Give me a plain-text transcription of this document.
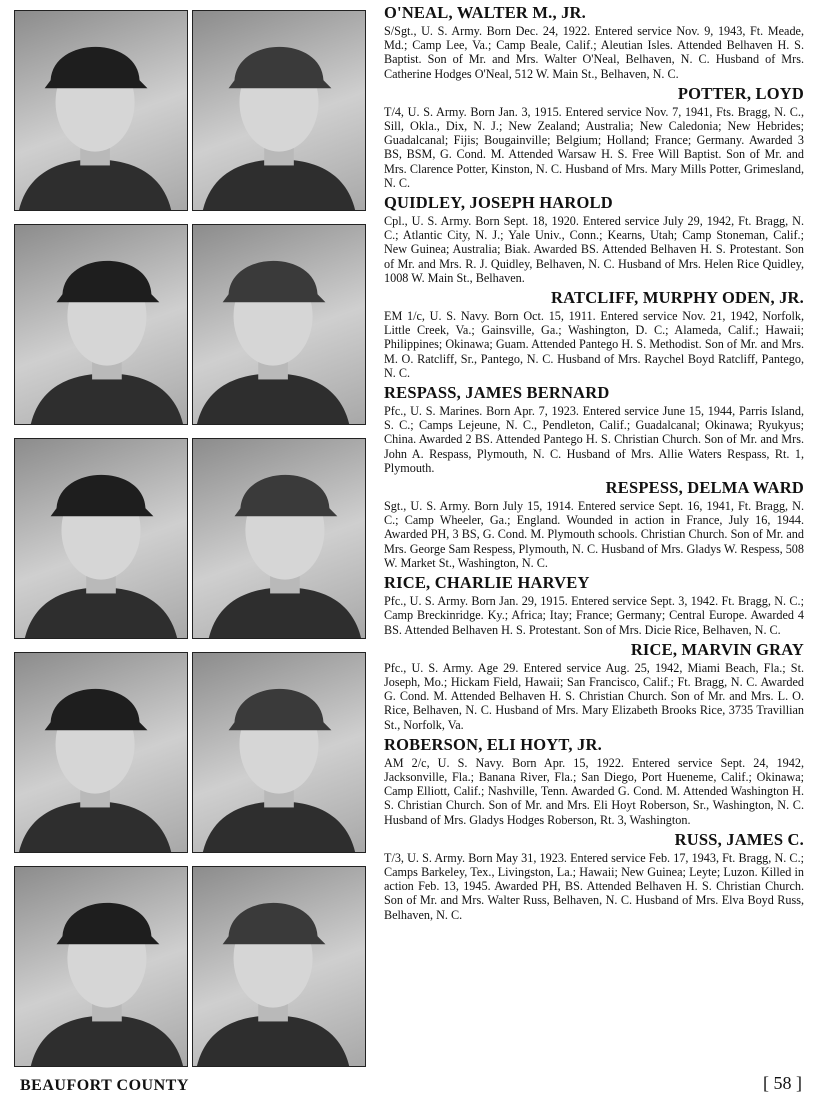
O'NEAL, WALTER M., JR.

S/Sgt., U. S. Army. Born Dec. 24, 1922. Entered service Nov. 9, 1943, Ft. Meade, Md.; Camp Lee, Va.; Camp Beale, Calif.; Aleutian Isles. Attended Belhaven H. S. Baptist. Son of Mr. and Mrs. Walter O'Neal, Belhaven, N. C. Husband of Mrs. Catherine Hodges O'Neal, 512 W. Main St., Belhaven, N. C.

POTTER, LOYD

T/4, U. S. Army. Born Jan. 3, 1915. Entered service Nov. 7, 1941, Fts. Bragg, N. C., Sill, Okla., Dix, N. J.; New Zealand; Australia; New Caledonia; New Hebrides; Guadalcanal; Fijis; Bougainville; Belgium; Holland; France; Germany. Awarded 3 BS, BSM, G. Cond. M. Attended Warsaw H. S. Free Will Baptist. Son of Mr. and Mrs. Clarence Potter, Kinston, N. C. Husband of Mrs. Mary Mills Potter, Grimesland, N. C.

QUIDLEY, JOSEPH HAROLD

Cpl., U. S. Army. Born Sept. 18, 1920. Entered service July 29, 1942, Ft. Bragg, N. C.; Atlantic City, N. J.; Yale Univ., Conn.; Kearns, Utah; Camp Stoneman, Calif.; New Guinea; Australia; Biak. Awarded BS. Attended Belhaven H. S. Protestant. Son of Mr. and Mrs. R. J. Quidley, Belhaven, N. C. Husband of Mrs. Helen Rice Quidley, 1008 W. Main St., Belhaven.

RATCLIFF, MURPHY ODEN, JR.

EM 1/c, U. S. Navy. Born Oct. 15, 1911. Entered service Nov. 21, 1942, Norfolk, Little Creek, Va.; Gainsville, Ga.; Washington, D. C.; Alameda, Calif.; Hawaii; Philippines; Okinawa; Guam. Attended Pantego H. S. Methodist. Son of Mr. and Mrs. M. O. Ratcliff, Sr., Pantego, N. C. Husband of Mrs. Raychel Boyd Ratcliff, Pantego, N. C.

RESPASS, JAMES BERNARD

Pfc., U. S. Marines. Born Apr. 7, 1923. Entered service June 15, 1944, Parris Island, S. C.; Camps Lejeune, N. C., Pendleton, Calif.; Guadalcanal; Okinawa; Ryukyus; China. Awarded 2 BS. Attended Pantego H. S. Christian Church. Son of Mr. and Mrs. John A. Respass, Plymouth, N. C. Husband of Mrs. Allie Waters Respass, Rt. 1, Plymouth.

RESPESS, DELMA WARD

Sgt., U. S. Army. Born July 15, 1914. Entered service Sept. 16, 1941, Ft. Bragg, N. C.; Camp Wheeler, Ga.; England. Wounded in action in France, July 16, 1944. Awarded PH, 3 BS, G. Cond. M. Plymouth schools. Christian Church. Son of Mr. and Mrs. George Sam Respess, Plymouth, N. C. Husband of Mrs. Gladys W. Respess, 508 W. Market St., Washington, N. C.

RICE, CHARLIE HARVEY

Pfc., U. S. Army. Born Jan. 29, 1915. Entered service Sept. 3, 1942. Ft. Bragg, N. C.; Camp Breckinridge. Ky.; Africa; Itay; France; Germany; Central Europe. Awarded 4 BS. Attended Belhaven H. S. Protestant. Son of Mrs. Dicie Rice, Belhaven, N. C.

RICE, MARVIN GRAY

Pfc., U. S. Army. Age 29. Entered service Aug. 25, 1942, Miami Beach, Fla.; St. Joseph, Mo.; Hickam Field, Hawaii; San Francisco, Calif.; Ft. Bragg, N. C. Awarded G. Cond. M. Attended Belhaven H. S. Christian Church. Son of Mr. and Mrs. L. O. Rice, Belhaven, N. C. Husband of Mrs. Mary Elizabeth Brooks Rice, 3735 Travillian St., Norfolk, Va.

ROBERSON, ELI HOYT, JR.

AM 2/c, U. S. Navy. Born Apr. 15, 1922. Entered service Sept. 24, 1942, Jacksonville, Fla.; Banana River, Fla.; San Diego, Port Hueneme, Calif.; Okinawa; Camp Elliott, Calif.; Nashville, Tenn. Awarded G. Cond. M. Attended Washington H. S. Christian Church. Son of Mr. and Mrs. Eli Hoyt Roberson, Sr., Washington, N. C. Husband of Mrs. Gladys Hodges Roberson, Rt. 3, Washington.

RUSS, JAMES C.

T/3, U. S. Army. Born May 31, 1923. Entered service Feb. 17, 1943, Ft. Bragg, N. C.; Camps Barkeley, Tex., Livingston, La.; Hawaii; New Guinea; Leyte; Luzon. Killed in action Feb. 13, 1945. Awarded PH, BS. Attended Belhaven H. S. Christian Church. Son of Mr. and Mrs. Walter Russ, Belhaven, N. C. Husband of Mrs. Elva Boyd Russ, Belhaven, N. C.

BEAUFORT COUNTY	[ 58 ]
